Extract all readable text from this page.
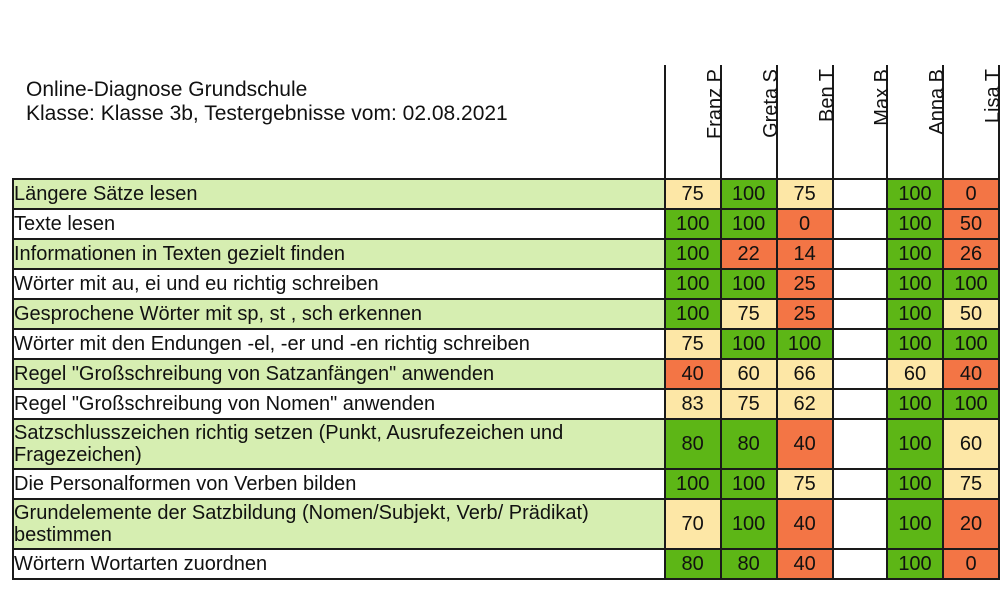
Online-Diagnose Grundschule
Klasse: Klasse 3b, Testergebnisse vom: 02.08.2021

	Franz P	Greta S	Ben T	Max B	Anna B	Lisa T

Längere Sätze lesen	75	100	75		100	0
Texte lesen	100	100	0		100	50
Informationen in Texten gezielt finden	100	22	14		100	26
Wörter mit au, ei und eu richtig schreiben	100	100	25		100	100
Gesprochene Wörter mit sp, st , sch erkennen	100	75	25		100	50
Wörter mit den Endungen -el, -er und -en richtig schreiben	75	100	100		100	100
Regel "Großschreibung von Satzanfängen" anwenden	40	60	66		60	40
Regel "Großschreibung von Nomen" anwenden	83	75	62		100	100
Satzschlusszeichen richtig setzen (Punkt, Ausrufezeichen und Fragezeichen)	80	80	40		100	60
Die Personalformen von Verben bilden	100	100	75		100	75
Grundelemente der Satzbildung (Nomen/Subjekt, Verb/ Prädikat) bestimmen	70	100	40		100	20
Wörtern Wortarten zuordnen	80	80	40		100	0
